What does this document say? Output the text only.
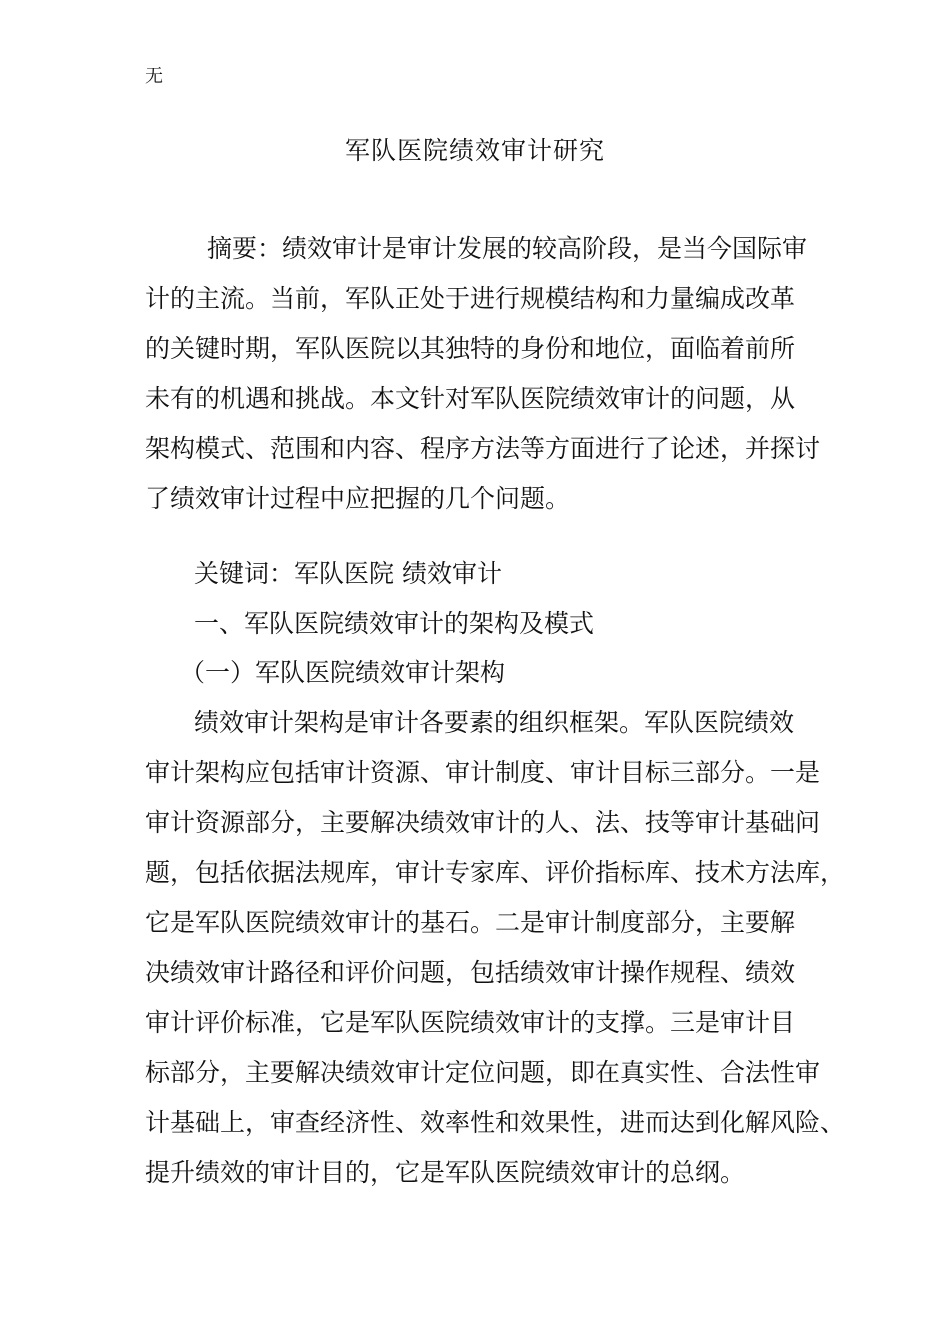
无
军队医院绩效审计研究
摘要：绩效审计是审计发展的较高阶段，是当今国际审
计的主流。当前，军队正处于进行规模结构和力量编成改革
的关键时期，军队医院以其独特的身份和地位，面临着前所
未有的机遇和挑战。本文针对军队医院绩效审计的问题，从
架构模式、范围和内容、程序方法等方面进行了论述，并探讨
了绩效审计过程中应把握的几个问题。
关键词：军队医院 绩效审计
一、军队医院绩效审计的架构及模式
（一）军队医院绩效审计架构
绩效审计架构是审计各要素的组织框架。军队医院绩效
审计架构应包括审计资源、审计制度、审计目标三部分。一是
审计资源部分，主要解决绩效审计的人、法、技等审计基础问
题，包括依据法规库，审计专家库、评价指标库、技术方法库，
它是军队医院绩效审计的基石。二是审计制度部分，主要解
决绩效审计路径和评价问题，包括绩效审计操作规程、绩效
审计评价标准，它是军队医院绩效审计的支撑。三是审计目
标部分，主要解决绩效审计定位问题，即在真实性、合法性审
计基础上，审查经济性、效率性和效果性，进而达到化解风险、
提升绩效的审计目的，它是军队医院绩效审计的总纲。
